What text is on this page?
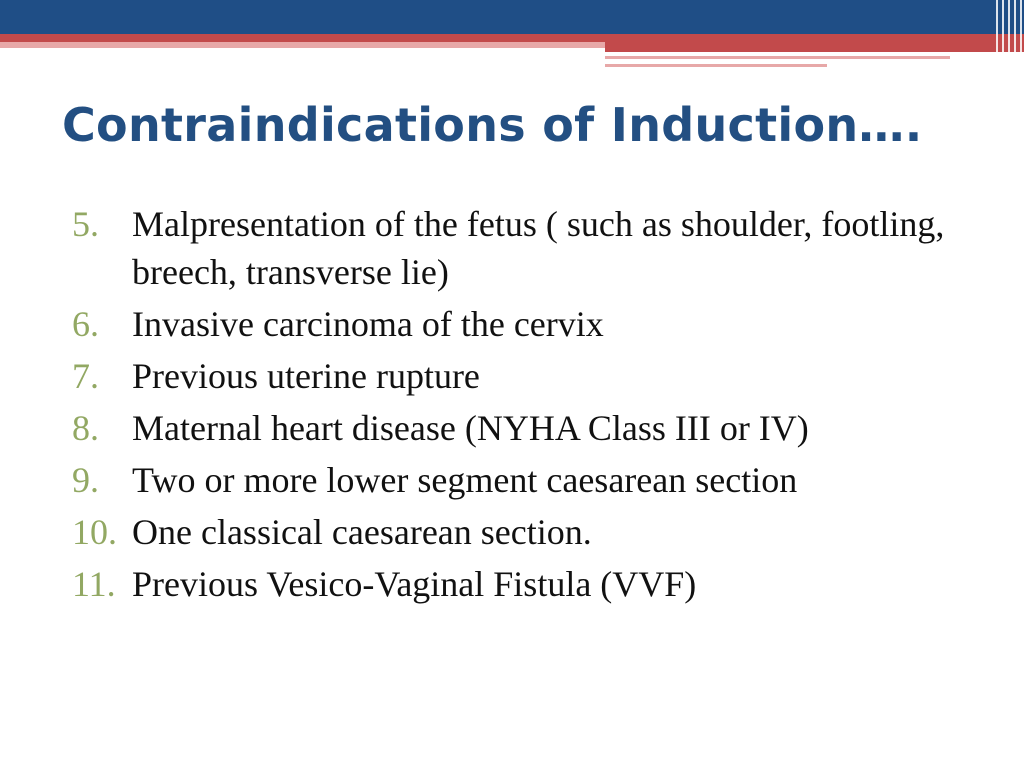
Contraindications of Induction….
5. Malpresentation of the fetus ( such as shoulder, footling, breech, transverse lie)
6. Invasive carcinoma of the cervix
7. Previous uterine rupture
8. Maternal heart disease (NYHA Class III or IV)
9. Two or more lower segment caesarean section
10. One classical caesarean section.
11. Previous Vesico-Vaginal Fistula (VVF)
